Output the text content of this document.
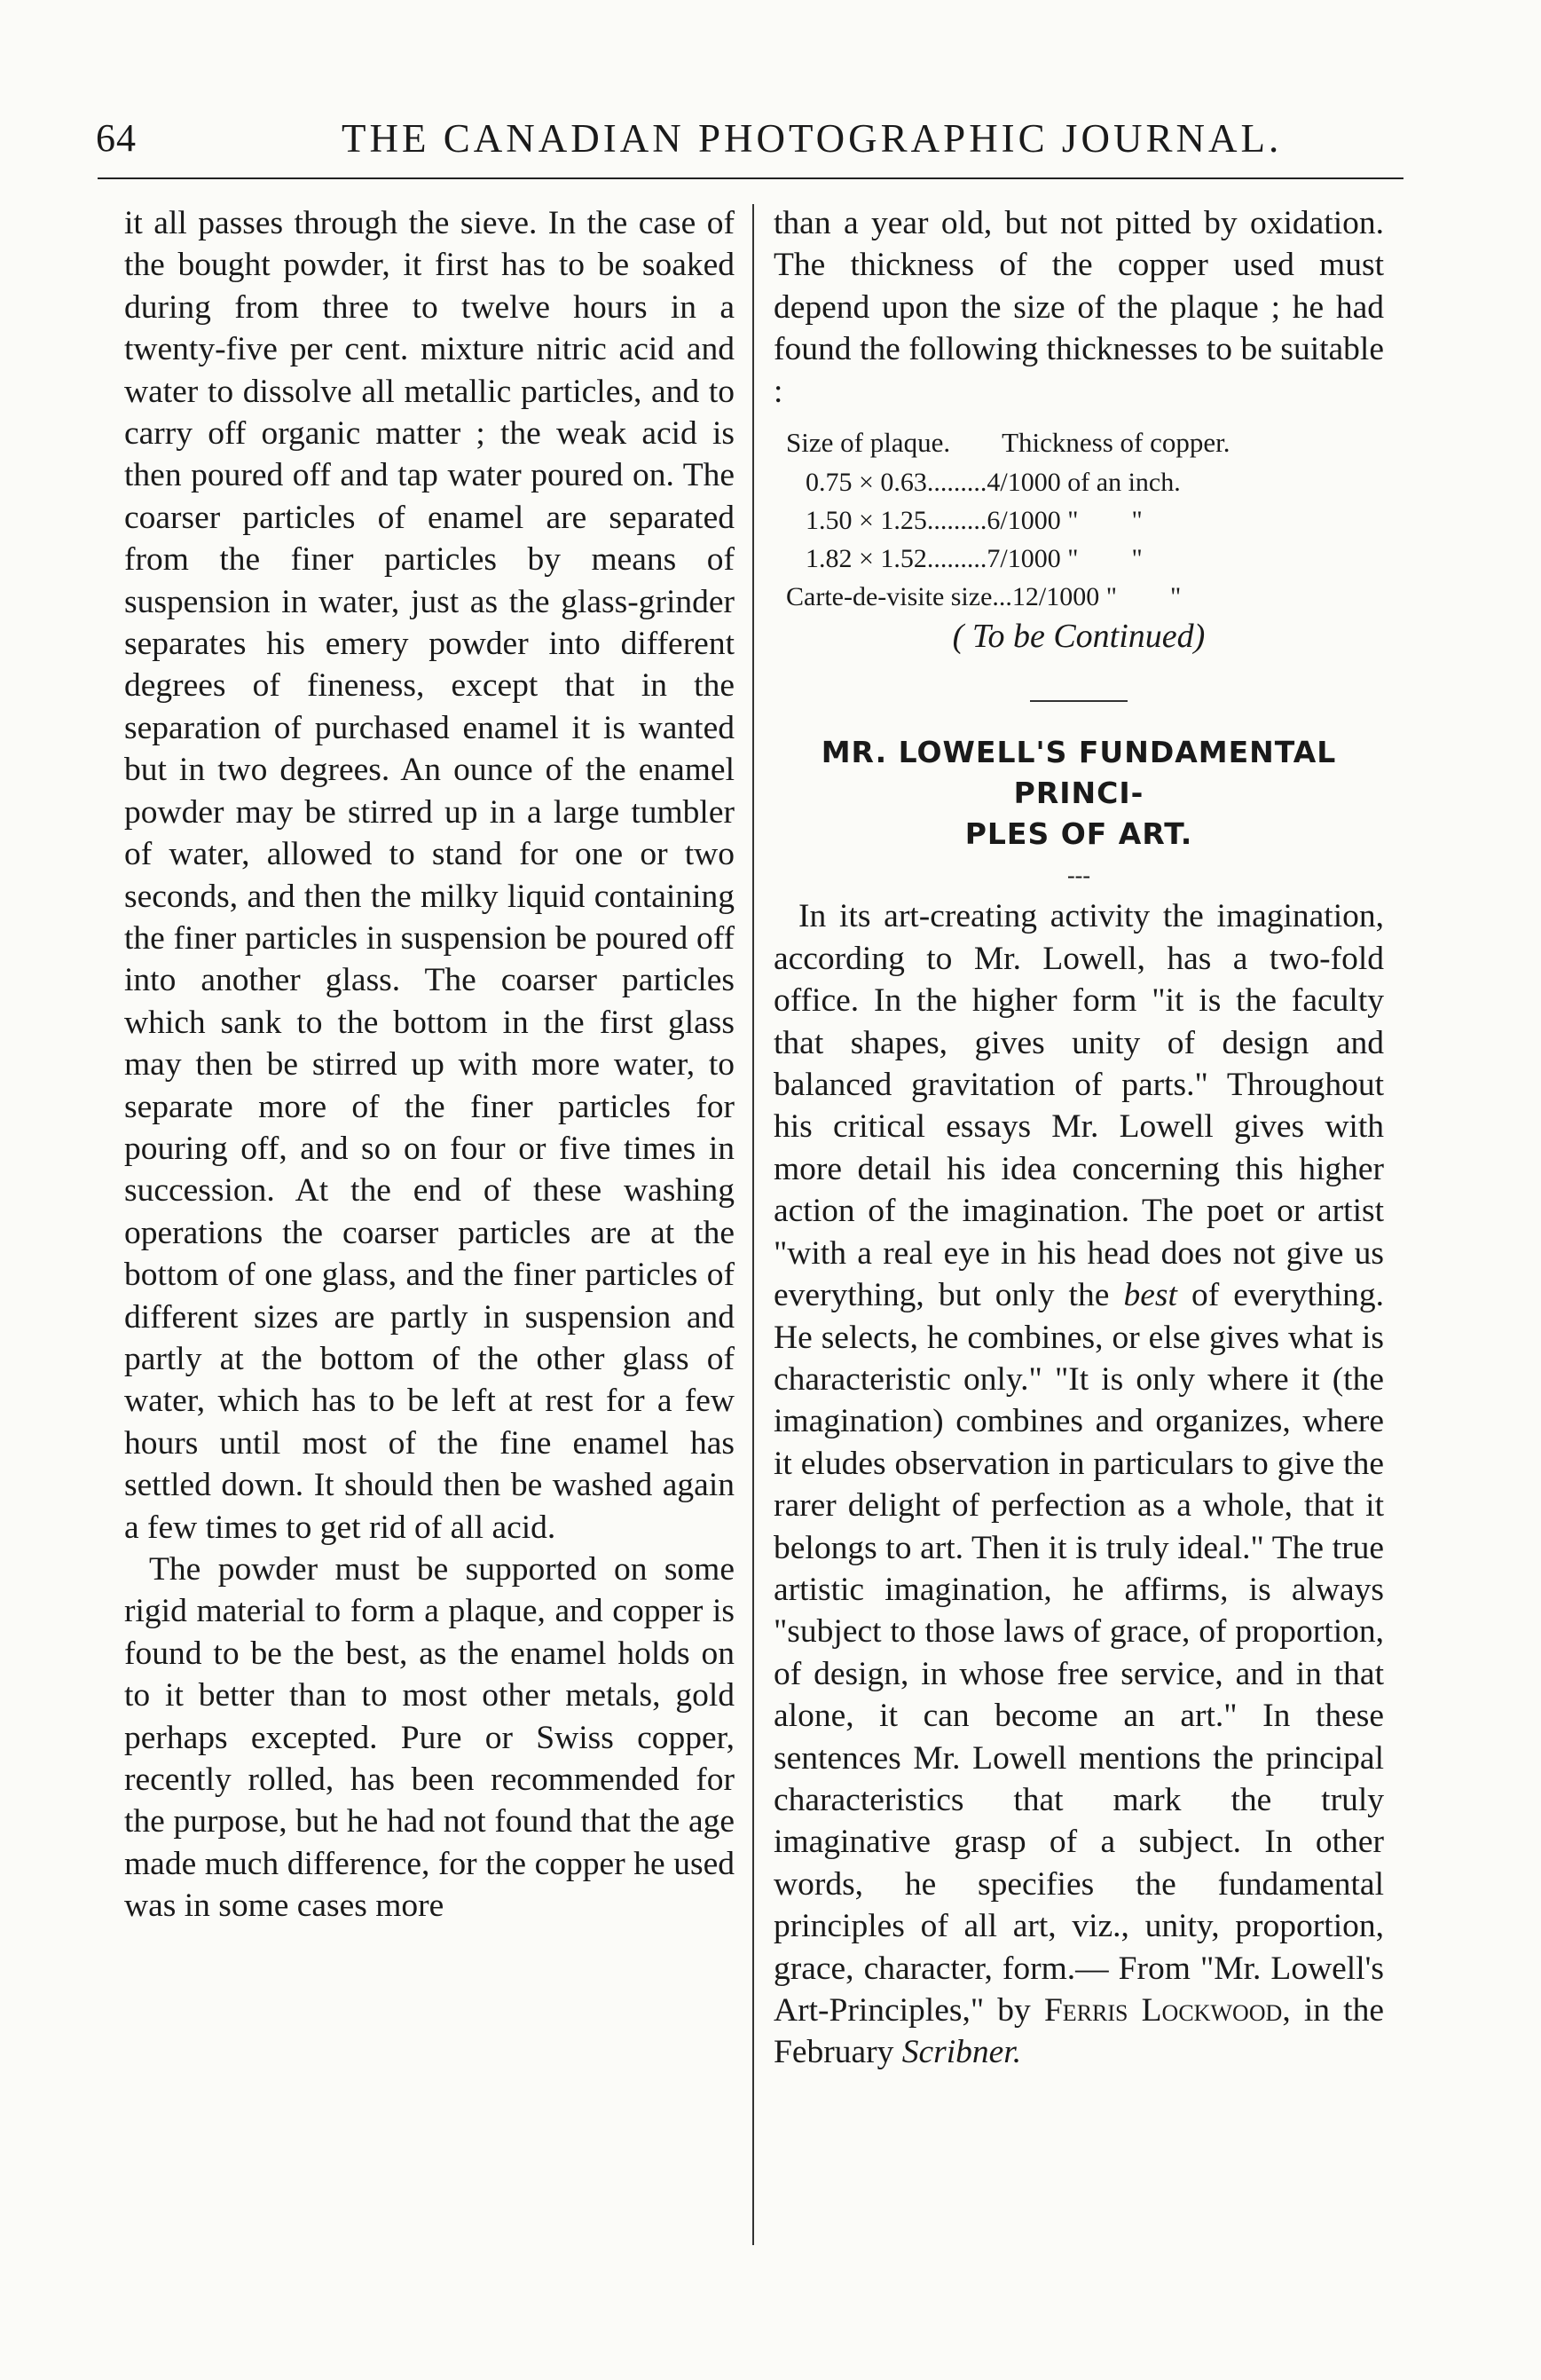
64	THE CANADIAN PHOTOGRAPHIC JOURNAL.

it all passes through the sieve. In the case of the bought powder, it first has to be soaked during from three to twelve hours in a twenty-five per cent. mixture nitric acid and water to dissolve all metallic particles, and to carry off organic matter ; the weak acid is then poured off and tap water poured on. The coarser particles of enamel are separated from the finer particles by means of suspension in water, just as the glass-grinder separates his emery powder into different degrees of fineness, except that in the separation of purchased enamel it is wanted but in two degrees. An ounce of the enamel powder may be stirred up in a large tumbler of water, allowed to stand for one or two seconds, and then the milky liquid containing the finer particles in suspension be poured off into another glass. The coarser particles which sank to the bottom in the first glass may then be stirred up with more water, to separate more of the finer particles for pouring off, and so on four or five times in succession. At the end of these washing operations the coarser particles are at the bottom of one glass, and the finer particles of different sizes are partly in suspension and partly at the bottom of the other glass of water, which has to be left at rest for a few hours until most of the fine enamel has settled down. It should then be washed again a few times to get rid of all acid.

The powder must be supported on some rigid material to form a plaque, and copper is found to be the best, as the enamel holds on to it better than to most other metals, gold perhaps excepted. Pure or Swiss copper, recently rolled, has been recommended for the purpose, but he had not found that the age made much difference, for the copper he used was in some cases more

than a year old, but not pitted by oxidation. The thickness of the copper used must depend upon the size of the plaque ; he had found the following thicknesses to be suitable :

Size of plaque.	Thickness of copper.
0.75 × 0.63.........4/1000 of an inch.
1.50 × 1.25.........6/1000 "        "
1.82 × 1.52.........7/1000 "        "
Carte-de-visite size...12/1000 "        "

( To be Continued)

MR. LOWELL'S FUNDAMENTAL PRINCI-
PLES OF ART.
---

In its art-creating activity the imagination, according to Mr. Lowell, has a two-fold office. In the higher form "it is the faculty that shapes, gives unity of design and balanced gravitation of parts." Throughout his critical essays Mr. Lowell gives with more detail his idea concerning this higher action of the imagination. The poet or artist "with a real eye in his head does not give us everything, but only the best of everything. He selects, he combines, or else gives what is characteristic only." "It is only where it (the imagination) combines and organizes, where it eludes observation in particulars to give the rarer delight of perfection as a whole, that it belongs to art. Then it is truly ideal." The true artistic imagination, he affirms, is always "subject to those laws of grace, of proportion, of design, in whose free service, and in that alone, it can become an art." In these sentences Mr. Lowell mentions the principal characteristics that mark the truly imaginative grasp of a subject. In other words, he specifies the fundamental principles of all art, viz., unity, proportion, grace, character, form.— From "Mr. Lowell's Art-Principles," by Ferris Lockwood, in the February Scribner.
